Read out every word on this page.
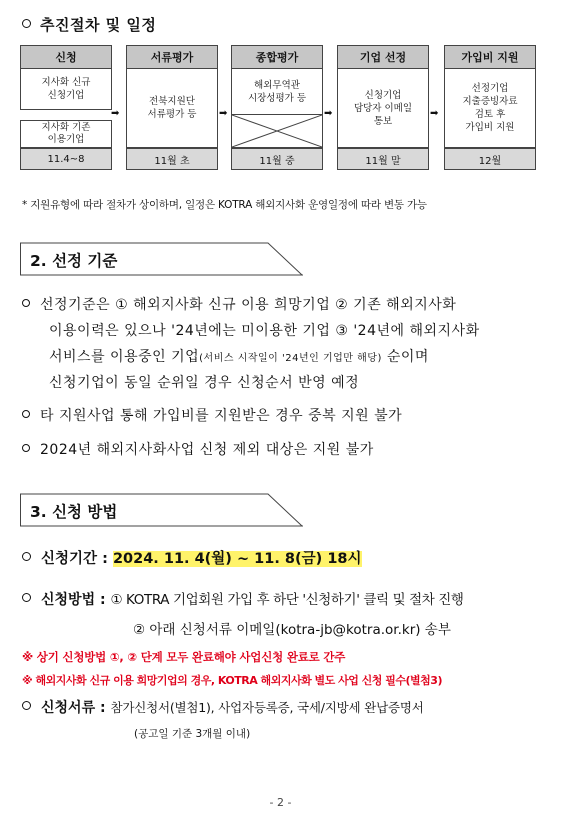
추진절차 및 일정
신청
지사화 신규
신청기업
지사화 기존
이용기업
11.4~8
➡
서류평가
전북지원단
서류평가 등
11월 초
➡
종합평가
해외무역관
시장성평가 등
11월 중
➡
기업 선정
신청기업
담당자 이메일
통보
11월 말
➡
가입비 지원
선정기업
지출증빙자료
검토 후
가입비 지원
12월
* 지원유형에 따라 절차가 상이하며, 일정은 KOTRA 해외지사화 운영일정에 따라 변동 가능
2. 선정 기준
선정기준은 ① 해외지사화 신규 이용 희망기업 ② 기존 해외지사화
이용이력은 있으나 '24년에는 미이용한 기업 ③ '24년에 해외지사화
서비스를 이용중인 기업(서비스 시작일이 '24년인 기업만 해당) 순이며
신청기업이 동일 순위일 경우 신청순서 반영 예정
타 지원사업 통해 가입비를 지원받은 경우 중복 지원 불가
2024년 해외지사화사업 신청 제외 대상은 지원 불가
3. 신청 방법
신청기간 : 2024. 11. 4(월) ~ 11. 8(금) 18시
신청방법 : ① KOTRA 기업회원 가입 후 하단 '신청하기' 클릭 및 절차 진행
② 아래 신청서류 이메일(kotra-jb@kotra.or.kr) 송부
※ 상기 신청방법 ①, ② 단계 모두 완료해야 사업신청 완료로 간주
※ 해외지사화 신규 이용 희망기업의 경우, KOTRA 해외지사화 별도 사업 신청 필수(별첨3)
신청서류 : 참가신청서(별첨1), 사업자등록증, 국세/지방세 완납증명서
(공고일 기준 3개월 이내)
- 2 -
